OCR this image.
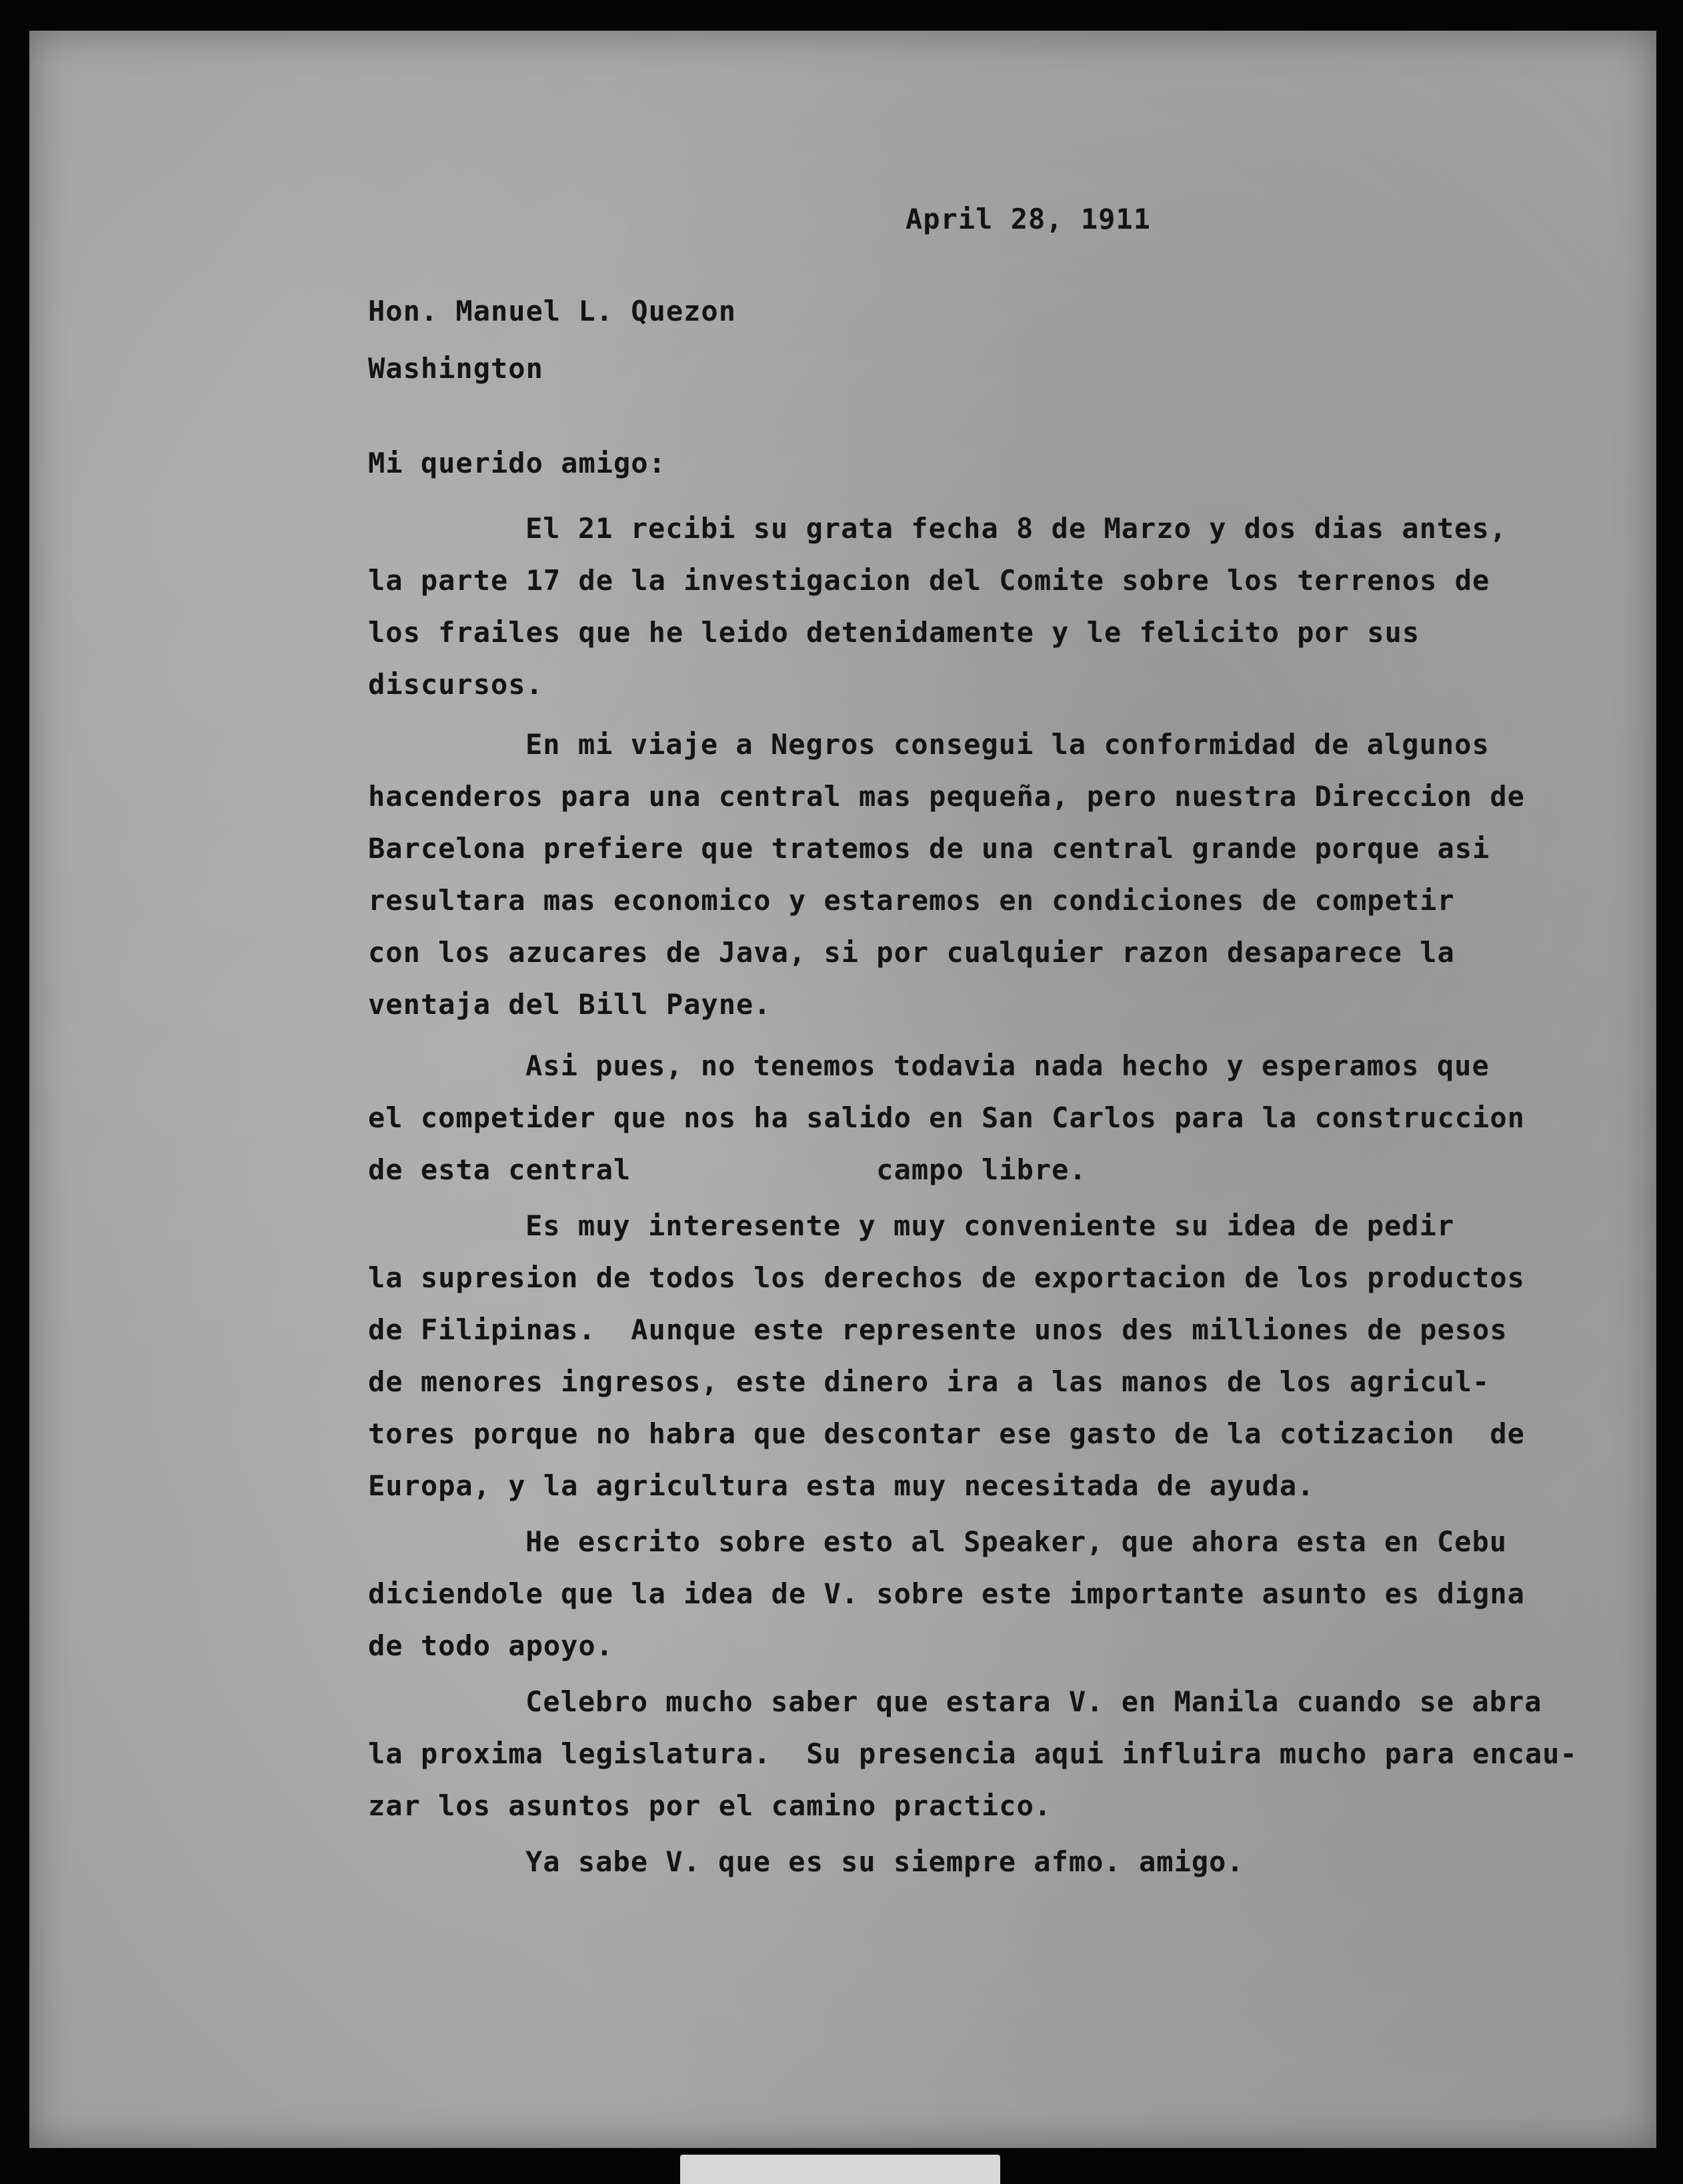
April 28, 1911
Hon. Manuel L. Quezon
Washington
Mi querido amigo:
El 21 recibi su grata fecha 8 de Marzo y dos dias antes,
la parte 17 de la investigacion del Comite sobre los terrenos de
los frailes que he leido detenidamente y le felicito por sus
discursos.
En mi viaje a Negros consegui la conformidad de algunos
hacenderos para una central mas pequeña, pero nuestra Direccion de
Barcelona prefiere que tratemos de una central grande porque asi
resultara mas economico y estaremos en condiciones de competir
con los azucares de Java, si por cualquier razon desaparece la
ventaja del Bill Payne.
Asi pues, no tenemos todavia nada hecho y esperamos que
el competider que nos ha salido en San Carlos para la construccion
de esta central              campo libre.
Es muy interesente y muy conveniente su idea de pedir
la supresion de todos los derechos de exportacion de los productos
de Filipinas.  Aunque este represente unos des milliones de pesos
de menores ingresos, este dinero ira a las manos de los agricul-
tores porque no habra que descontar ese gasto de la cotizacion  de
Europa, y la agricultura esta muy necesitada de ayuda.
He escrito sobre esto al Speaker, que ahora esta en Cebu
diciendole que la idea de V. sobre este importante asunto es digna
de todo apoyo.
Celebro mucho saber que estara V. en Manila cuando se abra
la proxima legislatura.  Su presencia aqui influira mucho para encau-
zar los asuntos por el camino practico.
Ya sabe V. que es su siempre afmo. amigo.
